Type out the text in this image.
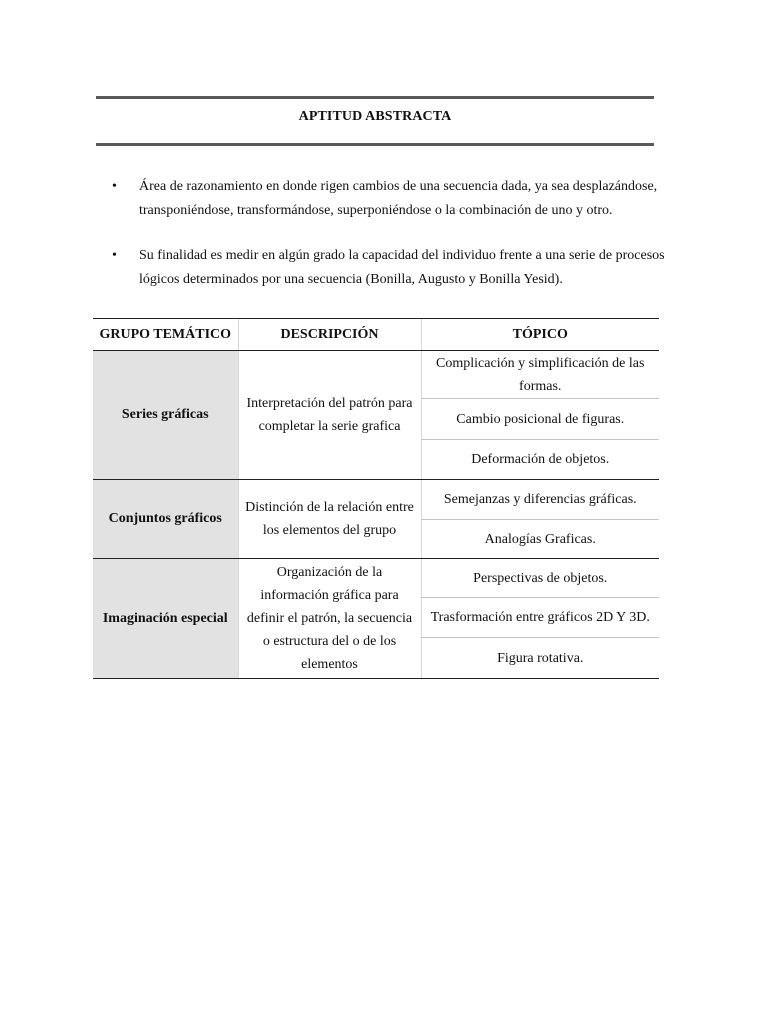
APTITUD ABSTRACTA
• Área de razonamiento en donde rigen cambios de una secuencia dada, ya sea desplazándose, transponiéndose, transformándose, superponiéndose o la combinación de uno y otro.
• Su finalidad es medir en algún grado la capacidad del individuo frente a una serie de procesos lógicos determinados por una secuencia (Bonilla, Augusto y Bonilla Yesid).
GRUPO TEMÁTICO	DESCRIPCIÓN	TÓPICO
Series gráficas	Interpretación del patrón para completar la serie grafica	Complicación y simplificación de las formas.
		Cambio posicional de figuras.
		Deformación de objetos.
Conjuntos gráficos	Distinción de la relación entre los elementos del grupo	Semejanzas y diferencias gráficas.
		Analogías Graficas.
Imaginación especial	Organización de la información gráfica para definir el patrón, la secuencia o estructura del o de los elementos	Perspectivas de objetos.
		Trasformación entre gráficos 2D Y 3D.
		Figura rotativa.
